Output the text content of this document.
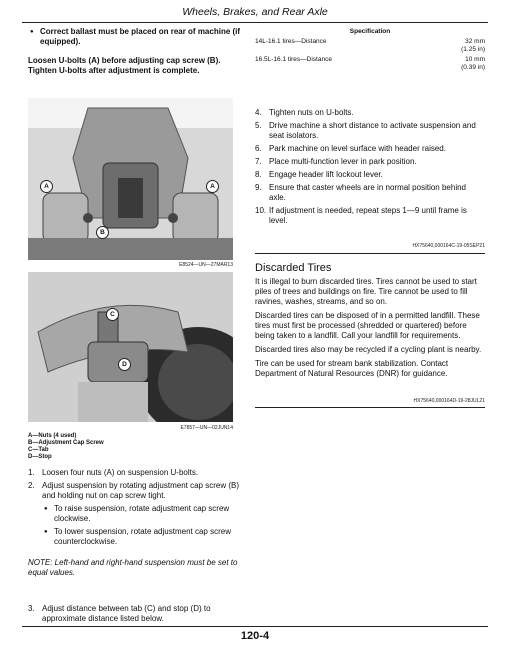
Wheels, Brakes, and Rear Axle
● Correct ballast must be placed on rear of machine (if equipped).
Loosen U-bolts (A) before adjusting cap screw (B). Tighten U-bolts after adjustment is complete.
A	A
B
Specification
14L-16.1 tires—Distance	32 mm
(1.25 in)
16.5L-16.1 tires—Distance	10 mm
(0.39 in)
4. Tighten nuts on U-bolts.
5. Drive machine a short distance to activate suspension and seat isolators.
6. Park machine on level surface with header raised.
7. Place multi-function lever in park position.
8. Engage header lift lockout lever.
9. Ensure that caster wheels are in normal position behind axle.
10. If adjustment is needed, repeat steps 1—9 until frame is level.
HX75640,000164C-19-05SEP21
E8524—UN—27MAR13
C
D
E7857—UN—02JUN14
A—Nuts (4 used)
B—Adjustment Cap Screw
C—Tab
D—Stop
Discarded Tires

It is illegal to burn discarded tires. Tires cannot be used to start piles of trees and buildings on fire. Tire cannot be used to fill ravines, washes, streams, and so on.

Discarded tires can be disposed of in a permitted landfill. These tires must first be processed (shredded or quartered) before being taken to a landfill. Call your landfill for requirements.

Discarded tires also may be recycled if a cycling plant is nearby.

Tire can be used for stream bank stabilization. Contact Department of Natural Resources (DNR) for guidance.

HX75640,000164D-19-28JUL21
1. Loosen four nuts (A) on suspension U-bolts.
2. Adjust suspension by rotating adjustment cap screw (B) and holding nut on cap screw tight.
● To raise suspension, rotate adjustment cap screw clockwise.
● To lower suspension, rotate adjustment cap screw counterclockwise.
NOTE: Left-hand and right-hand suspension must be set to equal values.
3. Adjust distance between tab (C) and stop (D) to approximate distance listed below.
120-4
